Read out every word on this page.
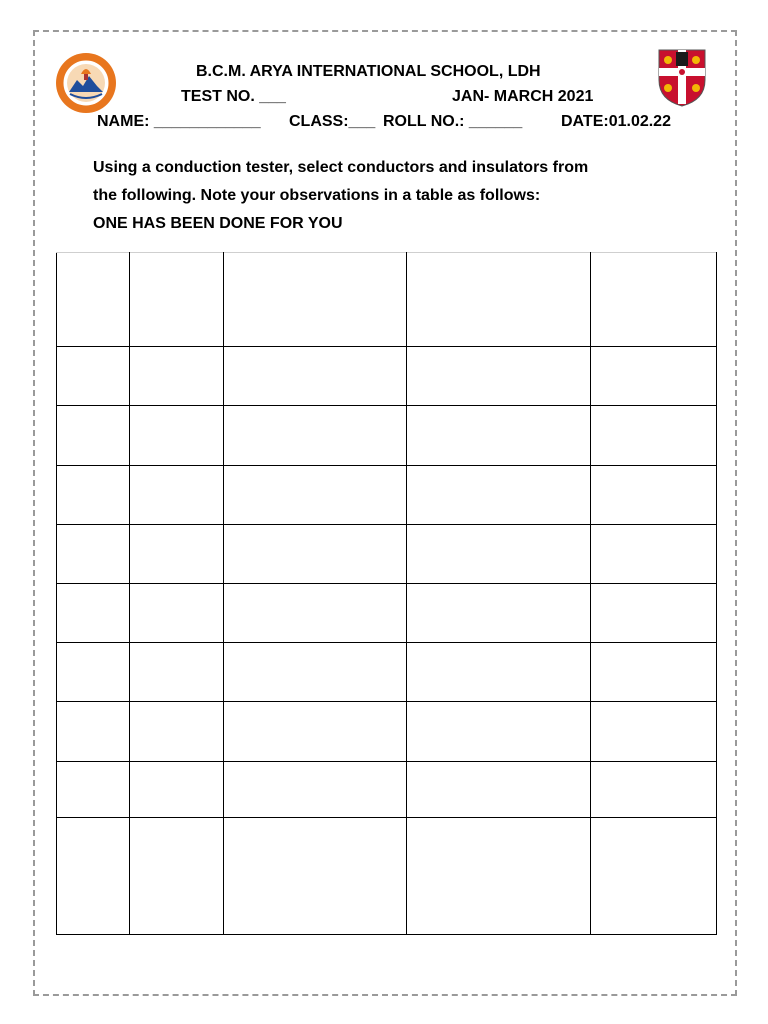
B.C.M. ARYA INTERNATIONAL SCHOOL, LDH
TEST NO. ___	JAN- MARCH 2021
NAME: ____________ CLASS:___ ROLL NO.: ______ DATE:01.02.22
Using a conduction tester, select conductors and insulators from
the following. Note your observations in a table as follows:
ONE HAS BEEN DONE FOR YOU
